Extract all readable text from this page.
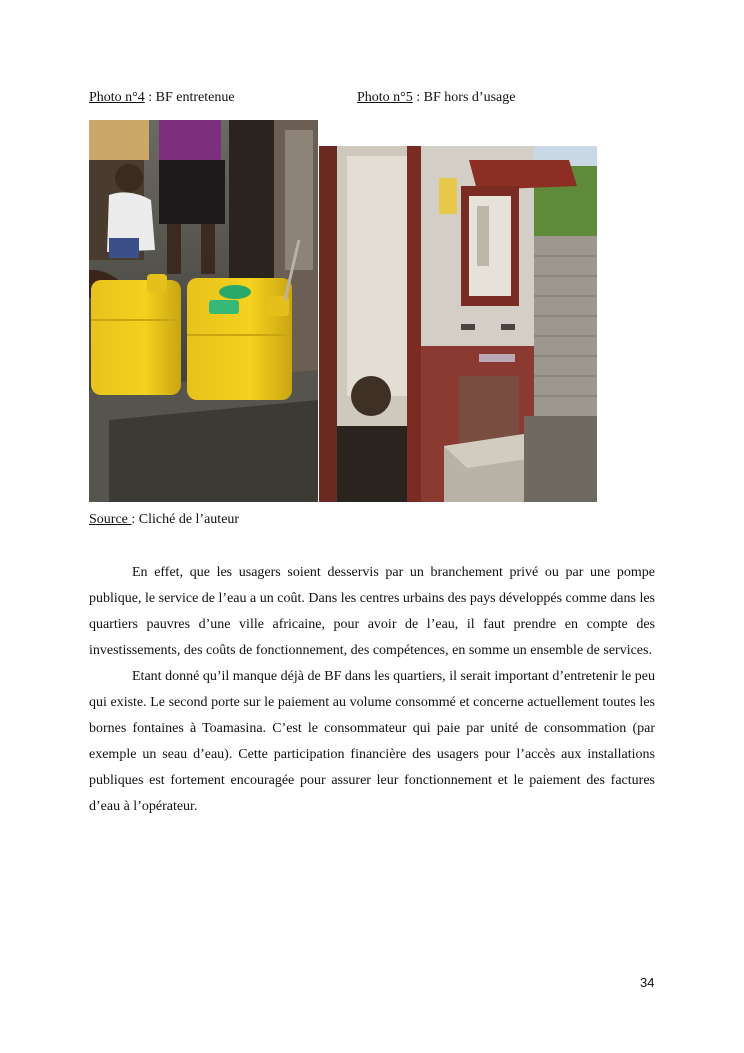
Photo n°4 : BF entretenue	Photo n°5 : BF hors d’usage
Source : Cliché de l’auteur

En effet, que les usagers soient desservis par un branchement privé ou par une pompe publique, le service de l’eau a un coût. Dans les centres urbains des pays développés comme dans les quartiers pauvres d’une ville africaine, pour avoir de l’eau, il faut prendre en compte des investissements, des coûts de fonctionnement, des compétences, en somme un ensemble de services.

Etant donné qu’il manque déjà de BF dans les quartiers, il serait important d’entretenir le peu qui existe. Le second porte sur le paiement au volume consommé et concerne actuellement toutes les bornes fontaines à Toamasina. C’est le consommateur qui paie par unité de consommation (par exemple un seau d’eau). Cette participation financière des usagers pour l’accès aux installations publiques est fortement encouragée pour assurer leur fonctionnement et le paiement des factures d’eau à l’opérateur.

34
